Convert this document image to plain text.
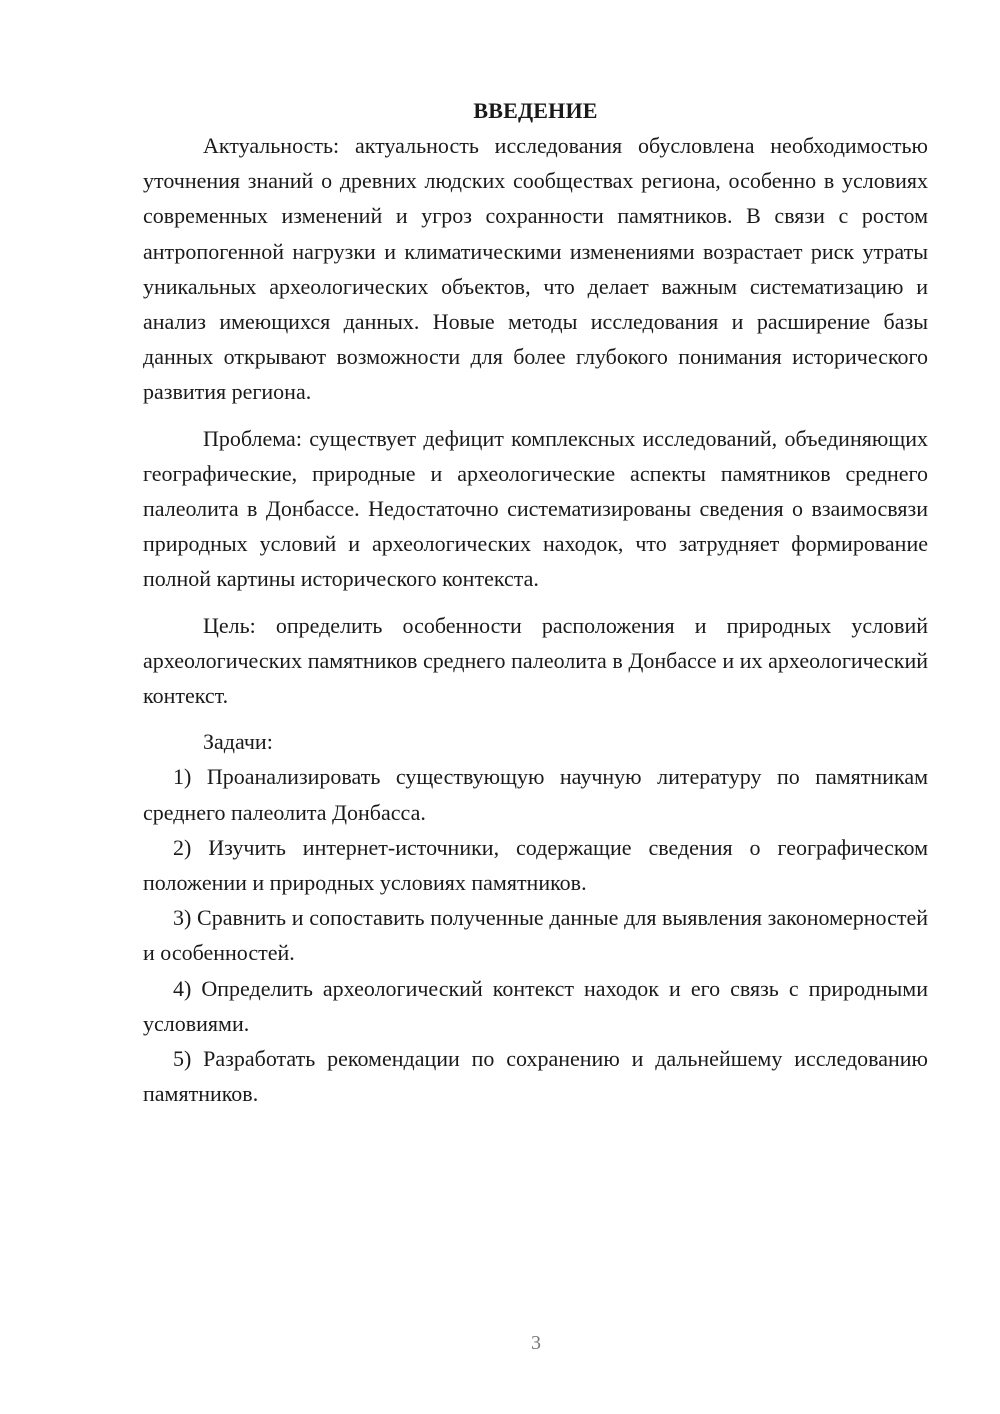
ВВЕДЕНИЕ

Актуальность: актуальность исследования обусловлена необходимостью уточнения знаний о древних людских сообществах региона, особенно в условиях современных изменений и угроз сохранности памятников. В связи с ростом антропогенной нагрузки и климатическими изменениями возрастает риск утраты уникальных археологических объектов, что делает важным систематизацию и анализ имеющихся данных. Новые методы исследования и расширение базы данных открывают возможности для более глубокого понимания исторического развития региона.

Проблема: существует дефицит комплексных исследований, объединяющих географические, природные и археологические аспекты памятников среднего палеолита в Донбассе. Недостаточно систематизированы сведения о взаимосвязи природных условий и археологических находок, что затрудняет формирование полной картины исторического контекста.

Цель: определить особенности расположения и природных условий археологических памятников среднего палеолита в Донбассе и их археологический контекст.

Задачи:

1) Проанализировать существующую научную литературу по памятникам среднего палеолита Донбасса.

2) Изучить интернет-источники, содержащие сведения о географическом положении и природных условиях памятников.

3) Сравнить и сопоставить полученные данные для выявления закономерностей и особенностей.

4) Определить археологический контекст находок и его связь с природными условиями.

5) Разработать рекомендации по сохранению и дальнейшему исследованию памятников.

3
